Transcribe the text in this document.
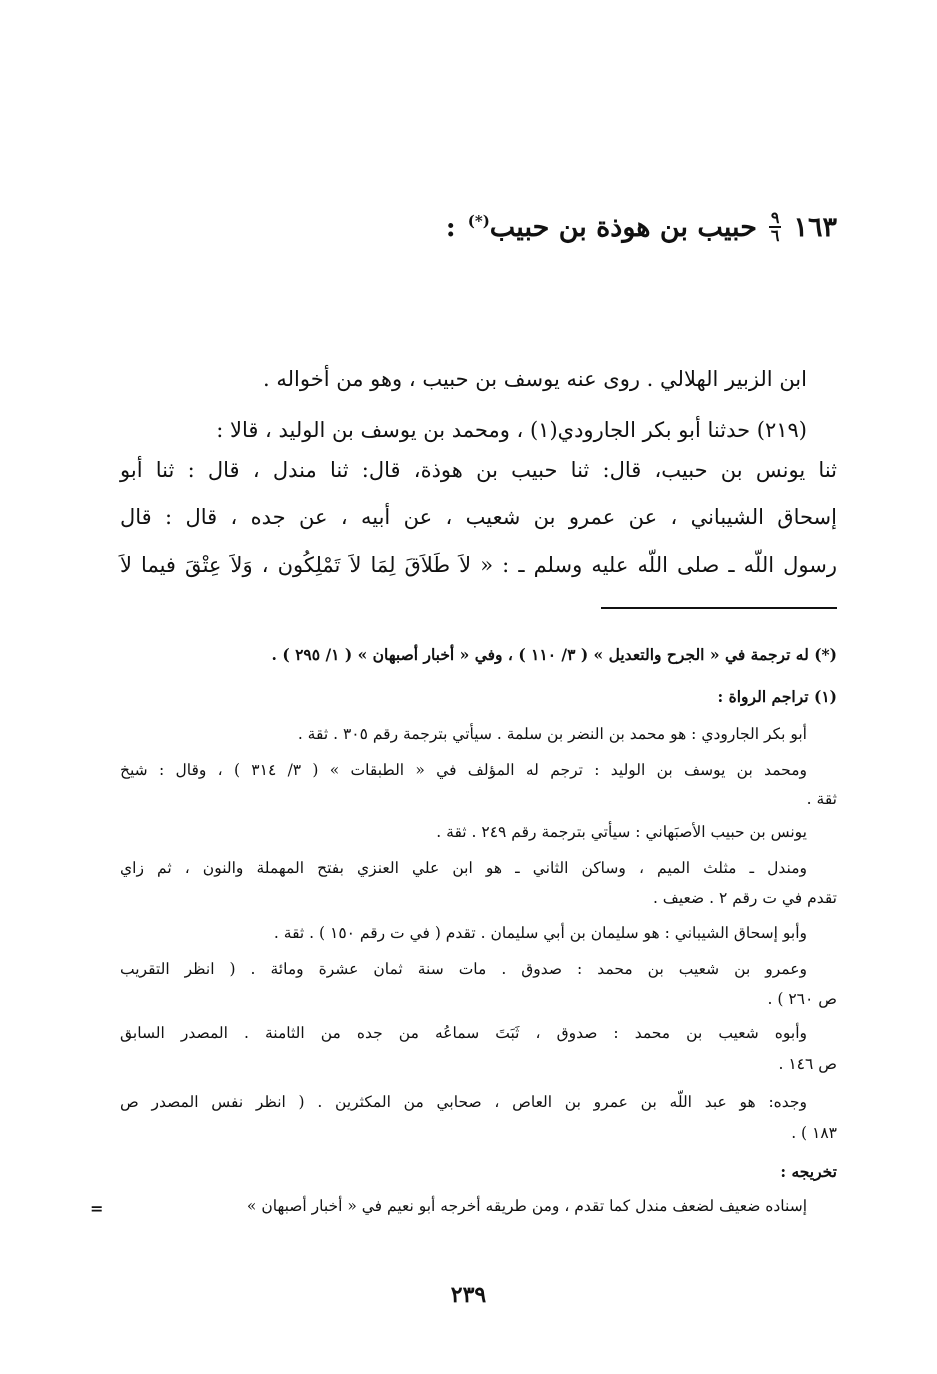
١٦٣
$\frac{٩}{٦}$
حبيب بن هوذة بن حبيب(*)
:
ابن الزبير الهلالي . روى عنه يوسف بن حبيب ، وهو من أخواله .
(٢١٩) حدثنا أبو بكر الجارودي(١) ، ومحمد بن يوسف بن الوليد ، قالا :
ثنا يونس بن حبيب، قال: ثنا حبيب بن هوذة، قال: ثنا مندل ، قال : ثنا أبو
إسحاق الشيباني ، عن عمرو بن شعيب ، عن أبيه ، عن جده ، قال : قال
رسول اللّه ـ صلى اللّه عليه وسلم ـ : « لاَ طَلاَقَ لِمَا لاَ تَمْلِكُون ، وَلاَ عِتْقَ فيما لاَ
(*) له ترجمة في « الجرح والتعديل » ( ٣/ ١١٠ ) ، وفي « أخبار أصبهان » ( ١/ ٢٩٥ ) .
(١) تراجم الرواة :
أبو بكر الجارودي : هو محمد بن النضر بن سلمة . سيأتي بترجمة رقم ٣٠٥ . ثقة .
ومحمد بن يوسف بن الوليد : ترجم له المؤلف في « الطبقات » ( ٣/ ٣١٤ ) ، وقال : شيخ
ثقة .
يونس بن حبيب الأصبَهاني : سيأتي بترجمة رقم ٢٤٩ . ثقة .
ومندل ـ مثلث الميم ، وساكن الثاني ـ هو ابن علي العنزي بفتح المهملة والنون ، ثم زاي
تقدم في ت رقم ٢ . ضعيف .
وأبو إسحاق الشيباني : هو سليمان بن أبي سليمان . تقدم ( في ت رقم ١٥٠ ) . ثقة .
وعمرو بن شعيب بن محمد : صدوق . مات سنة ثمان عشرة ومائة . ( انظر التقريب
ص ٢٦٠ ) .
وأبوه شعيب بن محمد : صدوق ، ثَبَتَ سماعُه من جده من الثامنة . المصدر السابق
ص ١٤٦ .
وجده: هو عبد اللّه بن عمرو بن العاص ، صحابي من المكثرين . ( انظر نفس المصدر ص
١٨٣ ) .
تخريجه :
إسناده ضعيف لضعف مندل كما تقدم ، ومن طريقه أخرجه أبو نعيم في « أخبار أصبهان »
=
٢٣٩
